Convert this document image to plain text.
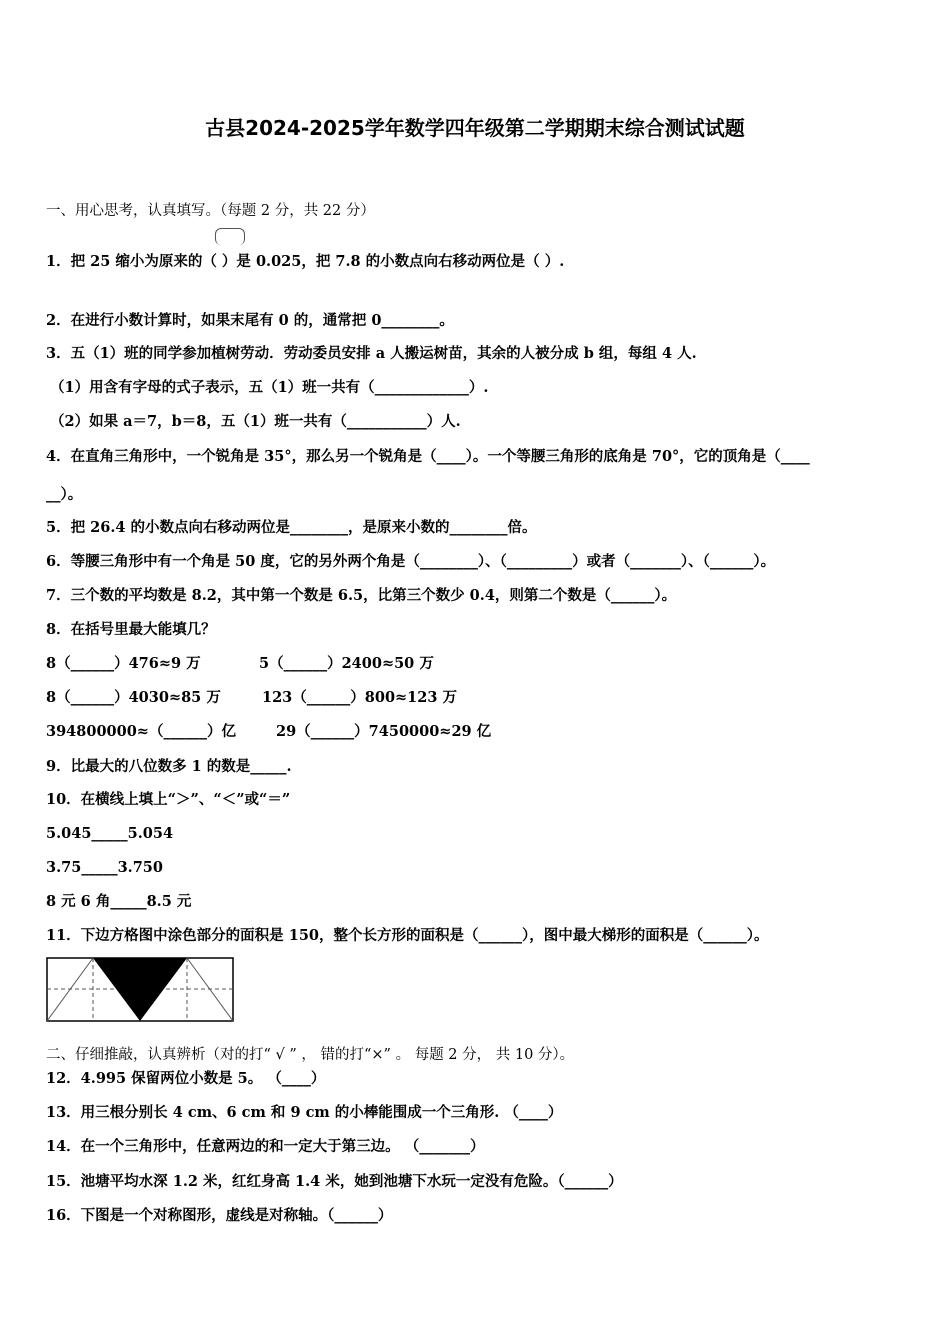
古县2024-2025学年数学四年级第二学期期末综合测试试题
一、用心思考，认真填写。（每题 2 分，共 22 分）
1．把 25 缩小为原来的（ ）是 0.025，把 7.8 的小数点向右移动两位是（ ）.
2．在进行小数计算时，如果末尾有 0 的，通常把 0________。
3．五（1）班的同学参加植树劳动．劳动委员安排 a 人搬运树苗，其余的人被分成 b 组，每组 4 人.
（1）用含有字母的式子表示，五（1）班一共有（_____________）.
（2）如果 a＝7，b＝8，五（1）班一共有（___________）人.
4．在直角三角形中，一个锐角是 35°，那么另一个锐角是（____）。一个等腰三角形的底角是 70°，它的顶角是（____
__）。
5．把 26.4 的小数点向右移动两位是________，是原来小数的________倍。
6．等腰三角形中有一个角是 50 度，它的另外两个角是（________）、（_________）或者（_______）、（______）。
7．三个数的平均数是 8.2，其中第一个数是 6.5，比第三个数少 0.4，则第二个数是（______）。
8．在括号里最大能填几？
8（______）476≈9 万	5（______）2400≈50 万
8（______）4030≈85 万	123（______）800≈123 万
394800000≈（______）亿	29（______）7450000≈29 亿
9．比最大的八位数多 1 的数是_____.
10．在横线上填上“＞”、“＜”或“＝”
5.045_____5.054
3.75_____3.750
8 元 6 角_____8.5 元
11．下边方格图中涂色部分的面积是 150，整个长方形的面积是（______），图中最大梯形的面积是（______）。
二、仔细推敲，认真辨析（对的打“ √ ” ， 错的打“×” 。 每题 2 分， 共 10 分）。
12．4.995 保留两位小数是 5。 （____）
13．用三根分别长 4 cm、6 cm 和 9 cm 的小棒能围成一个三角形. （____）
14．在一个三角形中，任意两边的和一定大于第三边。 （_______）
15．池塘平均水深 1.2 米，红红身高 1.4 米，她到池塘下水玩一定没有危险。（______）
16．下图是一个对称图形，虚线是对称轴。（______）
